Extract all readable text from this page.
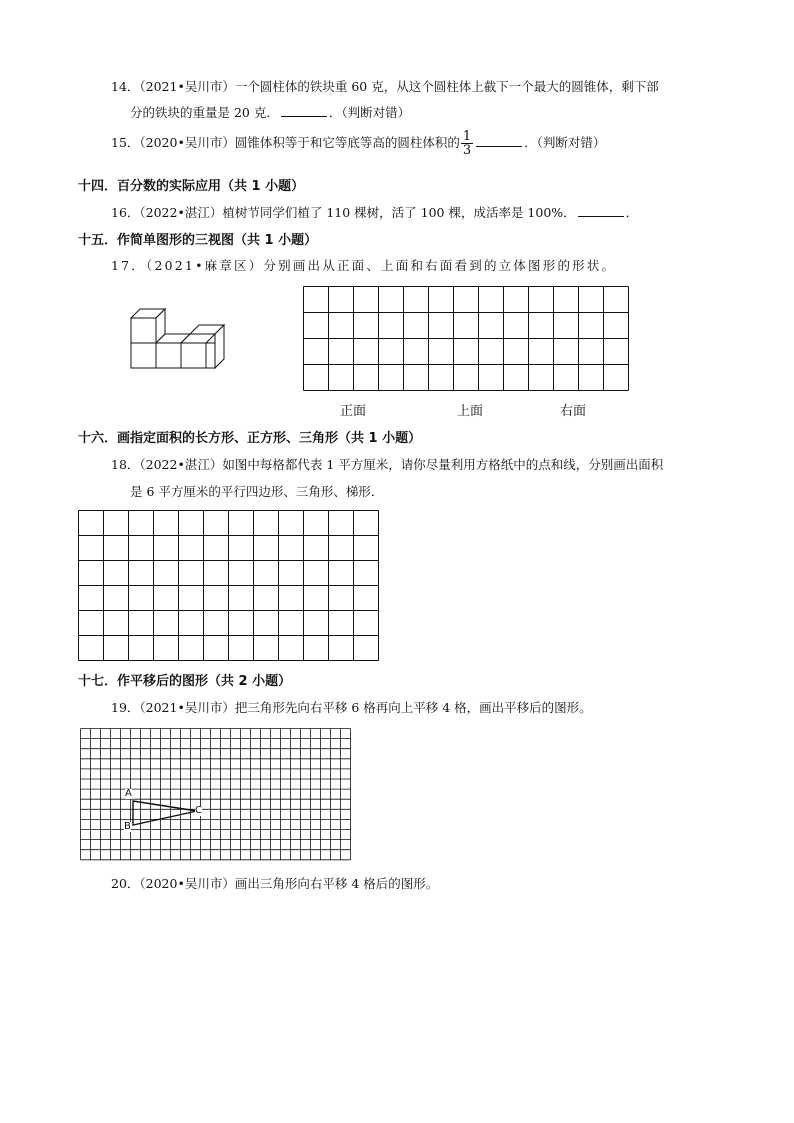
14．（2021•吴川市）一个圆柱体的铁块重 60 克，从这个圆柱体上截下一个最大的圆锥体，剩下部
分的铁块的重量是 20 克．	．（判断对错）
15．（2020•吴川市）圆锥体积等于和它等底等高的圆柱体积的 $\frac{1}{3}$	．（判断对错）
十四．百分数的实际应用（共 1 小题）
16．（2022•湛江）植树节同学们植了 110 棵树，活了 100 棵，成活率是 100%．	．
十五．作简单图形的三视图（共 1 小题）
17．（2021•麻章区）分别画出从正面、上面和右面看到的立体图形的形状。
正面	上面	右面
十六．画指定面积的长方形、正方形、三角形（共 1 小题）
18．（2022•湛江）如图中每格都代表 1 平方厘米，请你尽量利用方格纸中的点和线，分别画出面积
是 6 平方厘米的平行四边形、三角形、梯形．
十七．作平移后的图形（共 2 小题）
19．（2021•吴川市）把三角形先向右平移 6 格再向上平移 4 格，画出平移后的图形。
A
B
C
20．（2020•吴川市）画出三角形向右平移 4 格后的图形。
